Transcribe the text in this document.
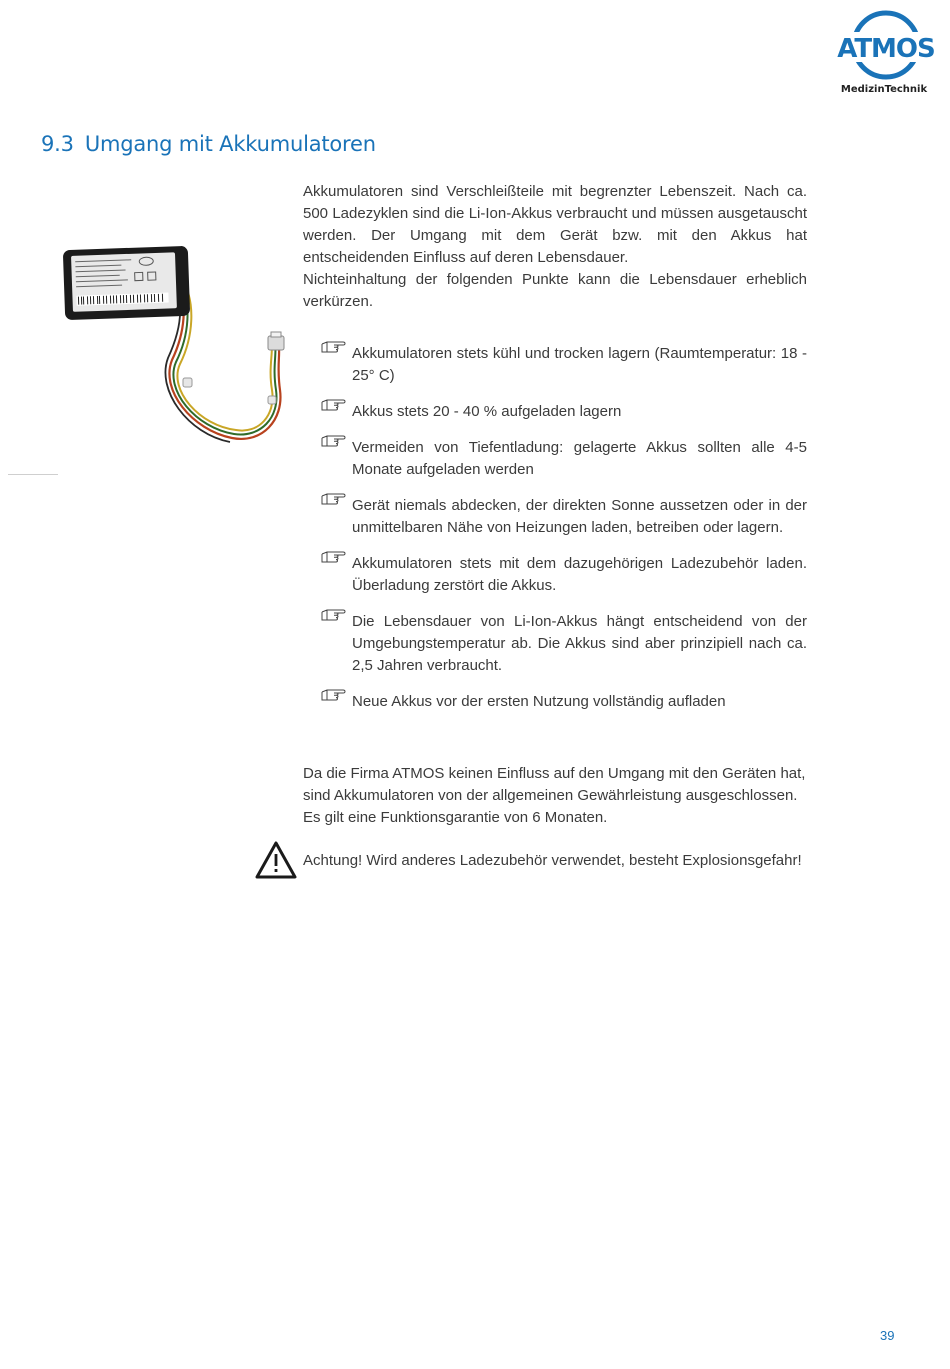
ATMOS
MedizinTechnik
9.3 Umgang mit Akkumulatoren

Akkumulatoren sind Verschleißteile mit begrenzter Lebenszeit. Nach ca. 500 Ladezyklen sind die Li-Ion-Akkus verbraucht und müssen ausgetauscht werden. Der Umgang mit dem Gerät bzw. mit den Akkus hat entscheidenden Einfluss auf deren Lebensdauer.

Nichteinhaltung der folgenden Punkte kann die Lebensdauer erheblich verkürzen.

Akkumulatoren stets kühl und trocken lagern (Raumtemperatur: 18 - 25° C)
Akkus stets 20 - 40 % aufgeladen lagern
Vermeiden von Tiefentladung: gelagerte Akkus sollten alle 4-5 Monate aufgeladen werden
Gerät niemals abdecken, der direkten Sonne aussetzen oder in der unmittelbaren Nähe von Heizungen laden, betreiben oder lagern.
Akkumulatoren stets mit dem dazugehörigen Ladezubehör laden. Überladung zerstört die Akkus.
Die Lebensdauer von Li-Ion-Akkus hängt entscheidend von der Umgebungstemperatur ab. Die Akkus sind aber prinzipiell nach ca. 2,5 Jahren verbraucht.
Neue Akkus vor der ersten Nutzung vollständig aufladen
Da die Firma ATMOS keinen Einfluss auf den Umgang mit den Geräten hat, sind Akkumulatoren von der allgemeinen Gewährleistung ausgeschlossen. Es gilt eine Funktionsgarantie von 6 Monaten.
Achtung! Wird anderes Ladezubehör verwendet, besteht Explosionsgefahr!
39
